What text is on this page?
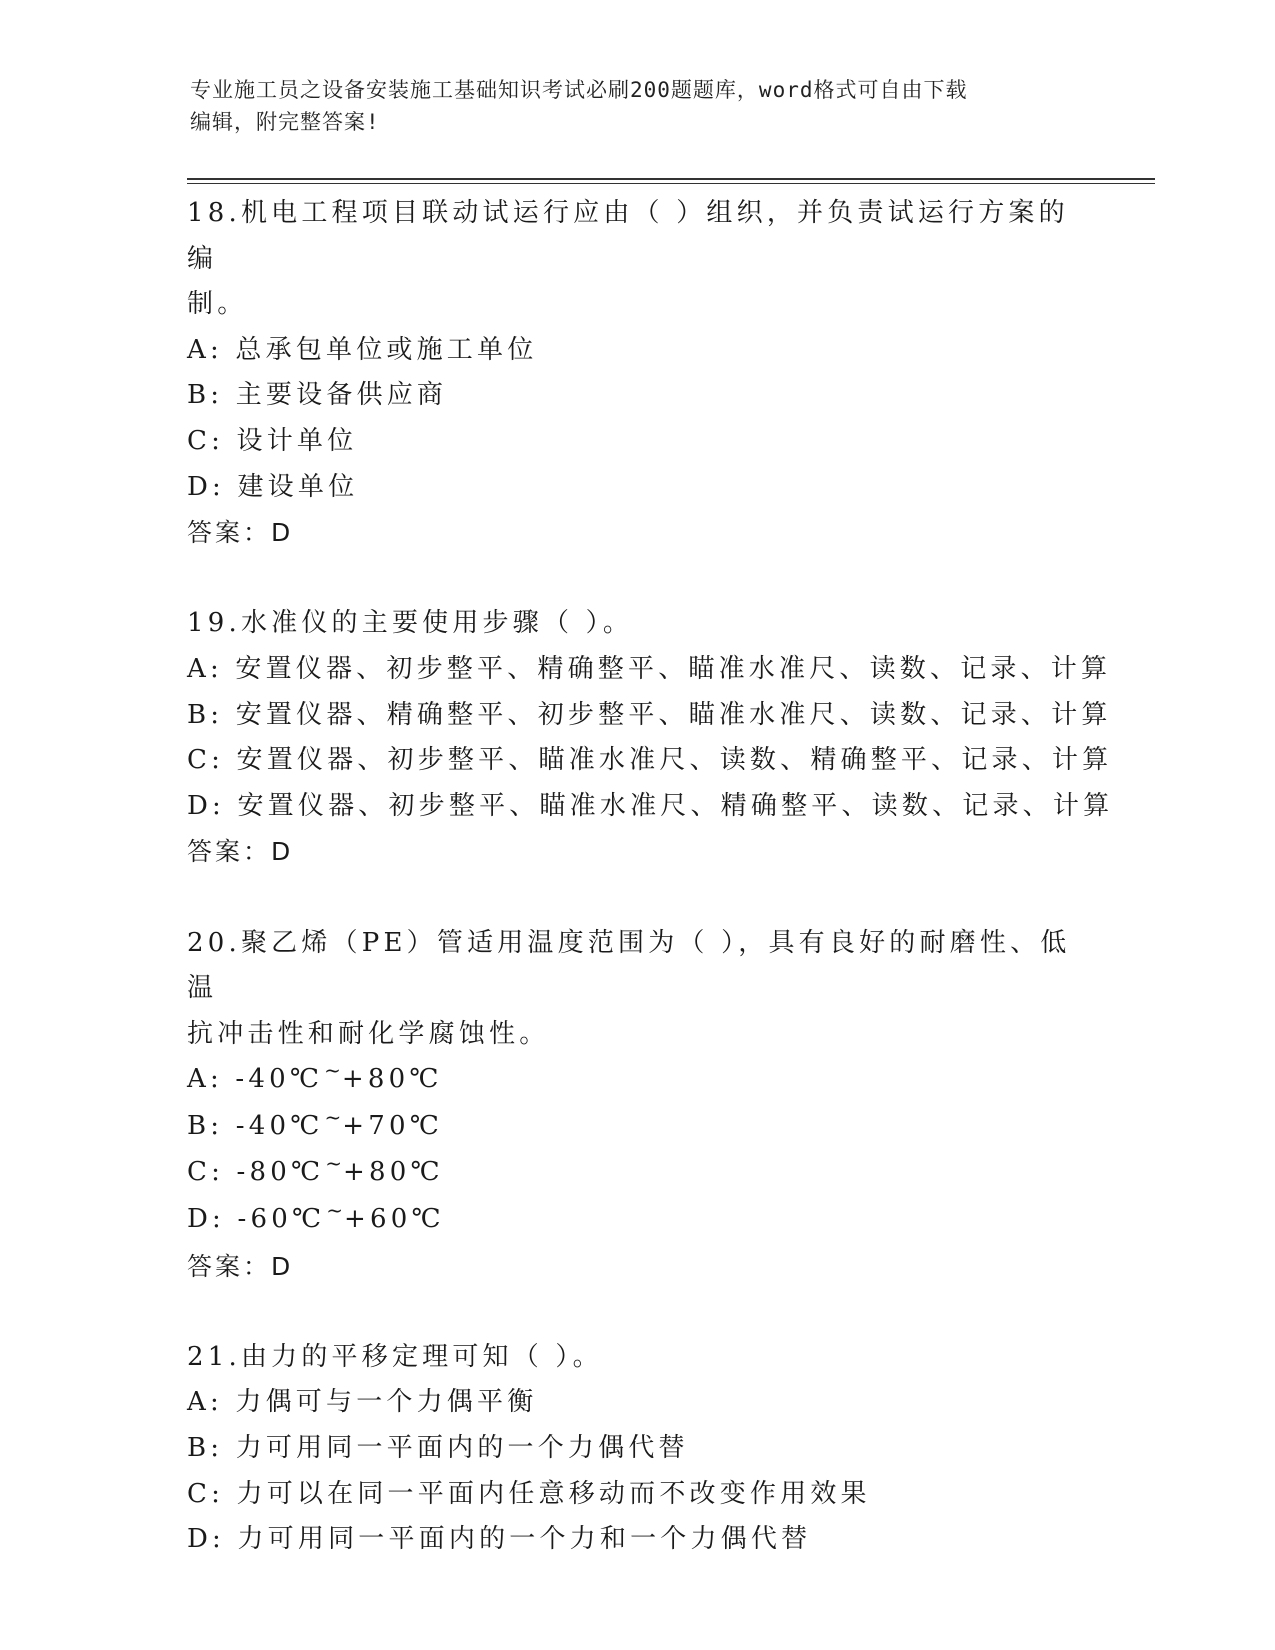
专业施工员之设备安装施工基础知识考试必刷200题题库，word格式可自由下载
编辑，附完整答案!

18.机电工程项目联动试运行应由（ ）组织，并负责试运行方案的编

制。

A: 总承包单位或施工单位

B: 主要设备供应商

C: 设计单位

D: 建设单位

答案：D

19.水准仪的主要使用步骤（ ）。

A: 安置仪器、初步整平、精确整平、瞄准水准尺、读数、记录、计算

B: 安置仪器、精确整平、初步整平、瞄准水准尺、读数、记录、计算

C: 安置仪器、初步整平、瞄准水准尺、读数、精确整平、记录、计算

D: 安置仪器、初步整平、瞄准水准尺、精确整平、读数、记录、计算

答案：D

20.聚乙烯（PE）管适用温度范围为（ ），具有良好的耐磨性、低温

抗冲击性和耐化学腐蚀性。

A: -40℃~+80℃

B: -40℃~+70℃

C: -80℃~+80℃

D: -60℃~+60℃

答案：D

21.由力的平移定理可知（ ）。

A: 力偶可与一个力偶平衡

B: 力可用同一平面内的一个力偶代替

C: 力可以在同一平面内任意移动而不改变作用效果

D: 力可用同一平面内的一个力和一个力偶代替
